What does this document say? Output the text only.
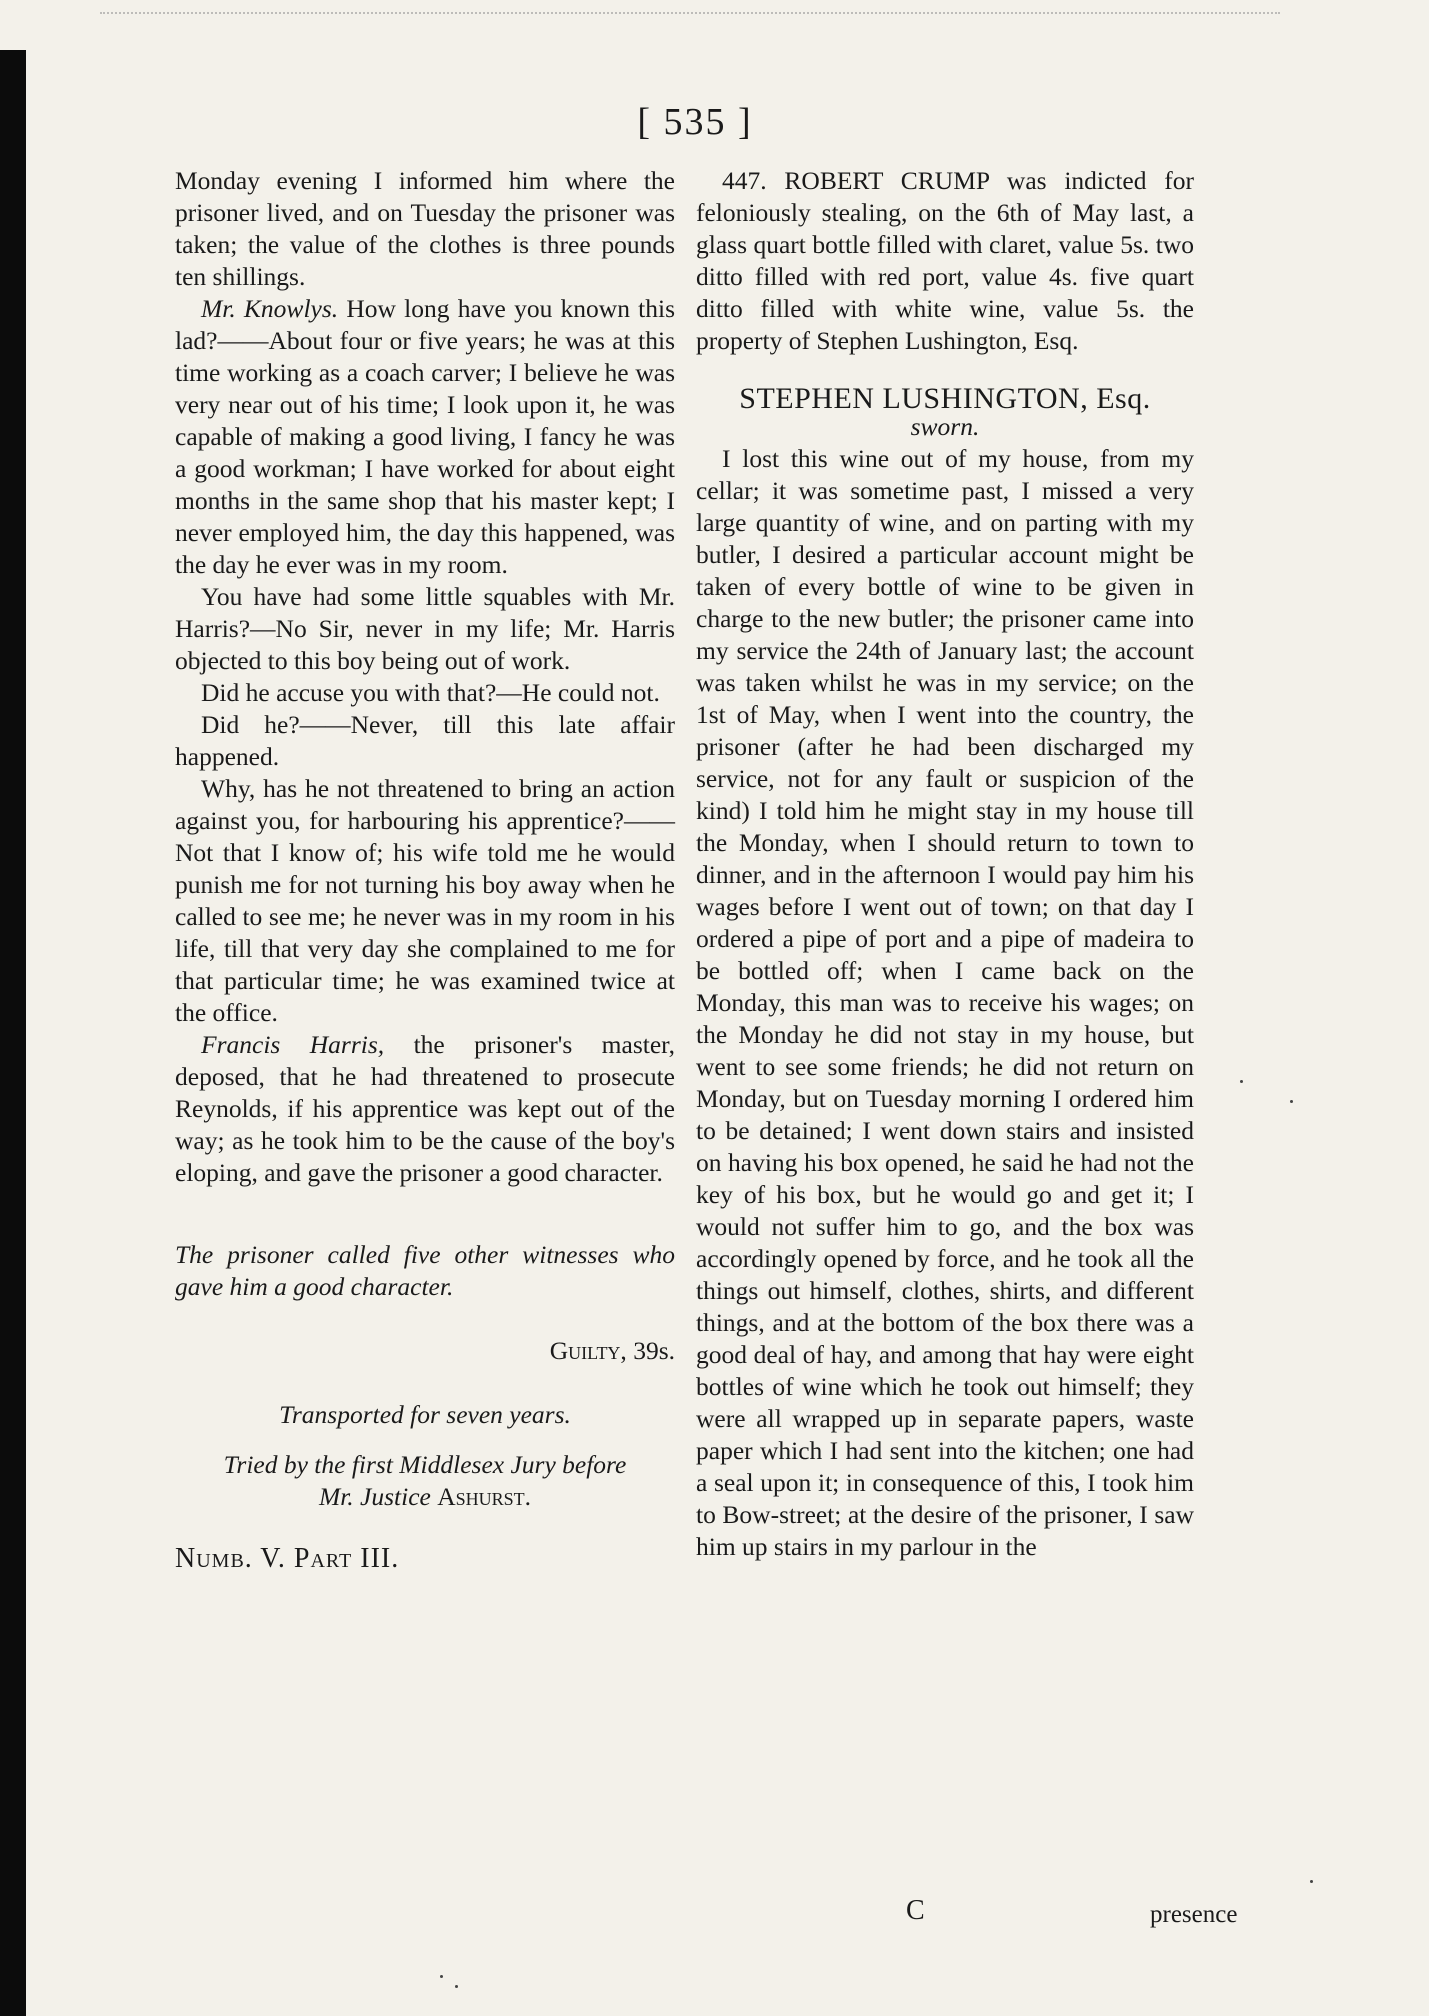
[ 535 ]

Monday evening I informed him where the prisoner lived, and on Tuesday the prisoner was taken; the value of the clothes is three pounds ten shillings.

Mr. Knowlys. How long have you known this lad?——About four or five years; he was at this time working as a coach carver; I believe he was very near out of his time; I look upon it, he was capable of making a good living, I fancy he was a good workman; I have worked for about eight months in the same shop that his master kept; I never employed him, the day this happened, was the day he ever was in my room.

You have had some little squables with Mr. Harris?—No Sir, never in my life; Mr. Harris objected to this boy being out of work.

Did he accuse you with that?—He could not.

Did he?——Never, till this late affair happened.

Why, has he not threatened to bring an action against you, for harbouring his apprentice?——Not that I know of; his wife told me he would punish me for not turning his boy away when he called to see me; he never was in my room in his life, till that very day she complained to me for that particular time; he was examined twice at the office.

Francis Harris, the prisoner's master, deposed, that he had threatened to prosecute Reynolds, if his apprentice was kept out of the way; as he took him to be the cause of the boy's eloping, and gave the prisoner a good character.

The prisoner called five other witnesses who gave him a good character.

Guilty, 39s.

Transported for seven years.

Tried by the first Middlesex Jury before

Mr. Justice Ashurst.

Numb. V. Part III.

447. ROBERT CRUMP was indicted for feloniously stealing, on the 6th of May last, a glass quart bottle filled with claret, value 5s. two ditto filled with red port, value 4s. five quart ditto filled with white wine, value 5s. the property of Stephen Lushington, Esq.

STEPHEN LUSHINGTON, Esq.

sworn.

I lost this wine out of my house, from my cellar; it was sometime past, I missed a very large quantity of wine, and on parting with my butler, I desired a particular account might be taken of every bottle of wine to be given in charge to the new butler; the prisoner came into my service the 24th of January last; the account was taken whilst he was in my service; on the 1st of May, when I went into the country, the prisoner (after he had been discharged my service, not for any fault or suspicion of the kind) I told him he might stay in my house till the Monday, when I should return to town to dinner, and in the afternoon I would pay him his wages before I went out of town; on that day I ordered a pipe of port and a pipe of madeira to be bottled off; when I came back on the Monday, this man was to receive his wages; on the Monday he did not stay in my house, but went to see some friends; he did not return on Monday, but on Tuesday morning I ordered him to be detained; I went down stairs and insisted on having his box opened, he said he had not the key of his box, but he would go and get it; I would not suffer him to go, and the box was accordingly opened by force, and he took all the things out himself, clothes, shirts, and different things, and at the bottom of the box there was a good deal of hay, and among that hay were eight bottles of wine which he took out himself; they were all wrapped up in separate papers, waste paper which I had sent into the kitchen; one had a seal upon it; in consequence of this, I took him to Bow-street; at the desire of the prisoner, I saw him up stairs in my parlour in the

C	presence
